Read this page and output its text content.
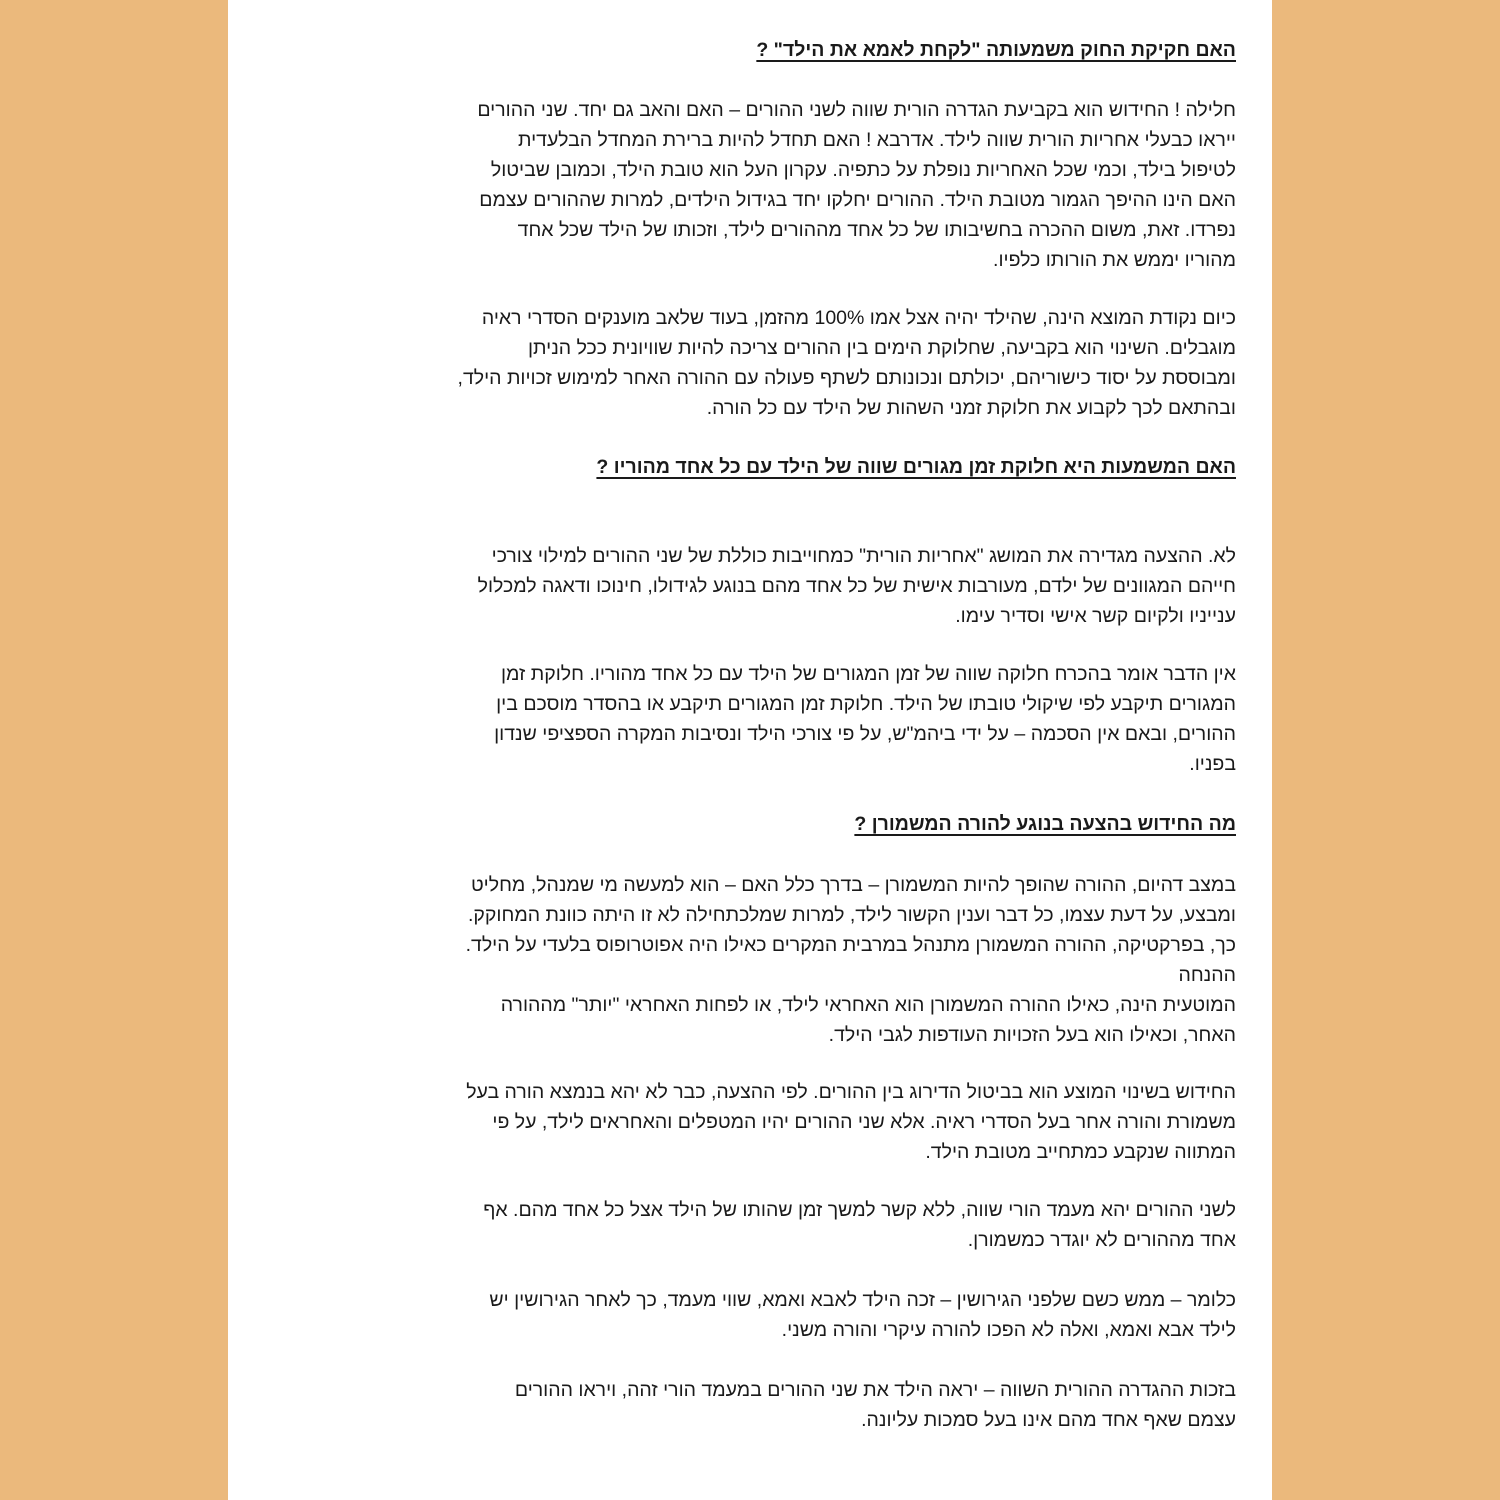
האם חקיקת החוק משמעותה "לקחת לאמא את הילד" ?
חלילה ! החידוש הוא בקביעת הגדרה הורית שווה לשני ההורים – האם והאב גם יחד. שני ההורים
ייראו כבעלי אחריות הורית שווה לילד. אדרבא ! האם תחדל להיות ברירת המחדל הבלעדית
לטיפול בילד, וכמי שכל האחריות נופלת על כתפיה. עקרון העל הוא טובת הילד, וכמובן שביטול
האם הינו ההיפך הגמור מטובת הילד. ההורים יחלקו יחד בגידול הילדים, למרות שההורים עצמם
נפרדו. זאת, משום ההכרה בחשיבותו של כל אחד מההורים לילד, וזכותו של הילד שכל אחד
מהוריו יממש את הורותו כלפיו.
כיום נקודת המוצא הינה, שהילד יהיה אצל אמו 100% מהזמן, בעוד שלאב מוענקים הסדרי ראיה
מוגבלים. השינוי הוא בקביעה, שחלוקת הימים בין ההורים צריכה להיות שוויונית ככל הניתן
ומבוססת על יסוד כישוריהם, יכולתם ונכונותם לשתף פעולה עם ההורה האחר למימוש זכויות הילד,
ובהתאם לכך לקבוע את חלוקת זמני השהות של הילד עם כל הורה.
האם המשמעות היא חלוקת זמן מגורים שווה של הילד עם כל אחד מהוריו ?
לא. ההצעה מגדירה את המושג "אחריות הורית" כמחוייבות כוללת של שני ההורים למילוי צורכי
חייהם המגוונים של ילדם, מעורבות אישית של כל אחד מהם בנוגע לגידולו, חינוכו ודאגה למכלול
ענייניו ולקיום קשר אישי וסדיר עימו.
אין הדבר אומר בהכרח חלוקה שווה של זמן המגורים של הילד עם כל אחד מהוריו. חלוקת זמן
המגורים תיקבע לפי שיקולי טובתו של הילד. חלוקת זמן המגורים תיקבע או בהסדר מוסכם בין
ההורים, ובאם אין הסכמה – על ידי ביהמ"ש, על פי צורכי הילד ונסיבות המקרה הספציפי שנדון
בפניו.
מה החידוש בהצעה בנוגע להורה המשמורן ?
במצב דהיום, ההורה שהופך להיות המשמורן – בדרך כלל האם – הוא למעשה מי שמנהל, מחליט
ומבצע, על דעת עצמו, כל דבר וענין הקשור לילד, למרות שמלכתחילה לא זו היתה כוונת המחוקק.
כך, בפרקטיקה, ההורה המשמורן מתנהל במרבית המקרים כאילו היה אפוטרופוס בלעדי על הילד.
ההנחה
המוטעית הינה, כאילו ההורה המשמורן הוא האחראי לילד, או לפחות האחראי "יותר" מההורה
האחר, וכאילו הוא בעל הזכויות העודפות לגבי הילד.
החידוש בשינוי המוצע הוא בביטול הדירוג בין ההורים. לפי ההצעה, כבר לא יהא בנמצא הורה בעל
משמורת והורה אחר בעל הסדרי ראיה. אלא שני ההורים יהיו המטפלים והאחראים לילד, על פי
המתווה שנקבע כמתחייב מטובת הילד.
לשני ההורים יהא מעמד הורי שווה, ללא קשר למשך זמן שהותו של הילד אצל כל אחד מהם. אף
אחד מההורים לא יוגדר כמשמורן.
כלומר – ממש כשם שלפני הגירושין – זכה הילד לאבא ואמא, שווי מעמד, כך לאחר הגירושין יש
לילד אבא ואמא, ואלה לא הפכו להורה עיקרי והורה משני.
בזכות ההגדרה ההורית השווה – יראה הילד את שני ההורים במעמד הורי זהה, ויראו ההורים
עצמם שאף אחד מהם אינו בעל סמכות עליונה.
